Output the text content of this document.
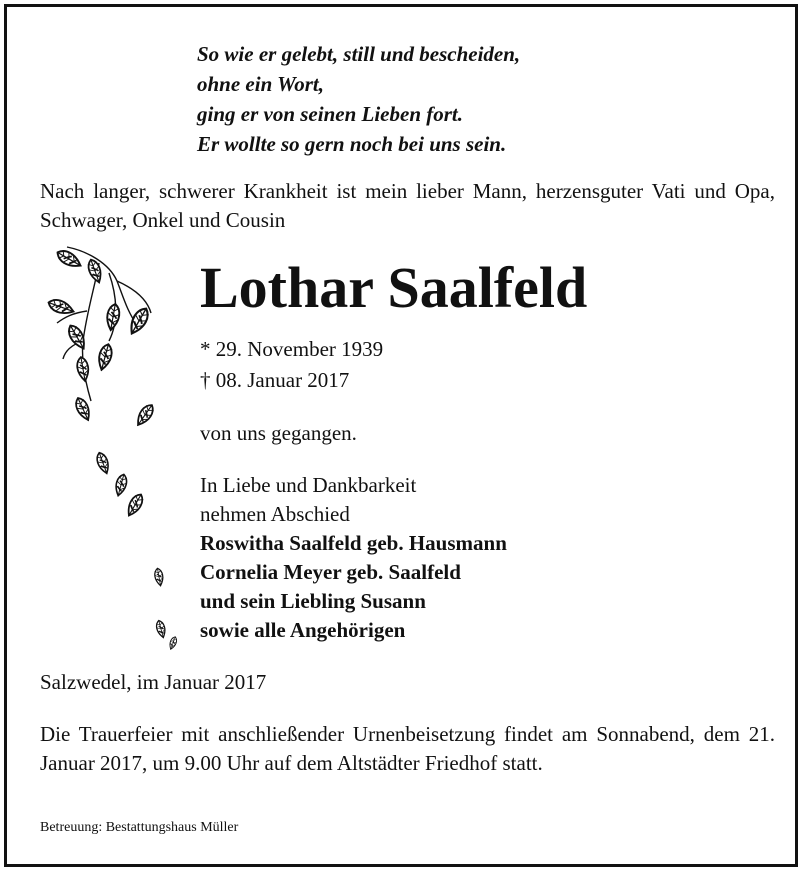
So wie er gelebt, still und bescheiden,
ohne ein Wort,
ging er von seinen Lieben fort.
Er wollte so gern noch bei uns sein.
Nach langer, schwerer Krankheit ist mein lieber Mann, herzensguter Vati und Opa, Schwager, Onkel und Cousin
Lothar Saalfeld
* 29. November 1939
† 08. Januar 2017
von uns gegangen.
In Liebe und Dankbarkeit
nehmen Abschied
Roswitha Saalfeld geb. Hausmann
Cornelia Meyer geb. Saalfeld
und sein Liebling Susann
sowie alle Angehörigen
Salzwedel, im Januar 2017
Die Trauerfeier mit anschließender Urnenbeisetzung findet am Sonnabend, dem 21. Januar 2017, um 9.00 Uhr auf dem Altstädter Friedhof statt.
Betreuung: Bestattungshaus Müller
